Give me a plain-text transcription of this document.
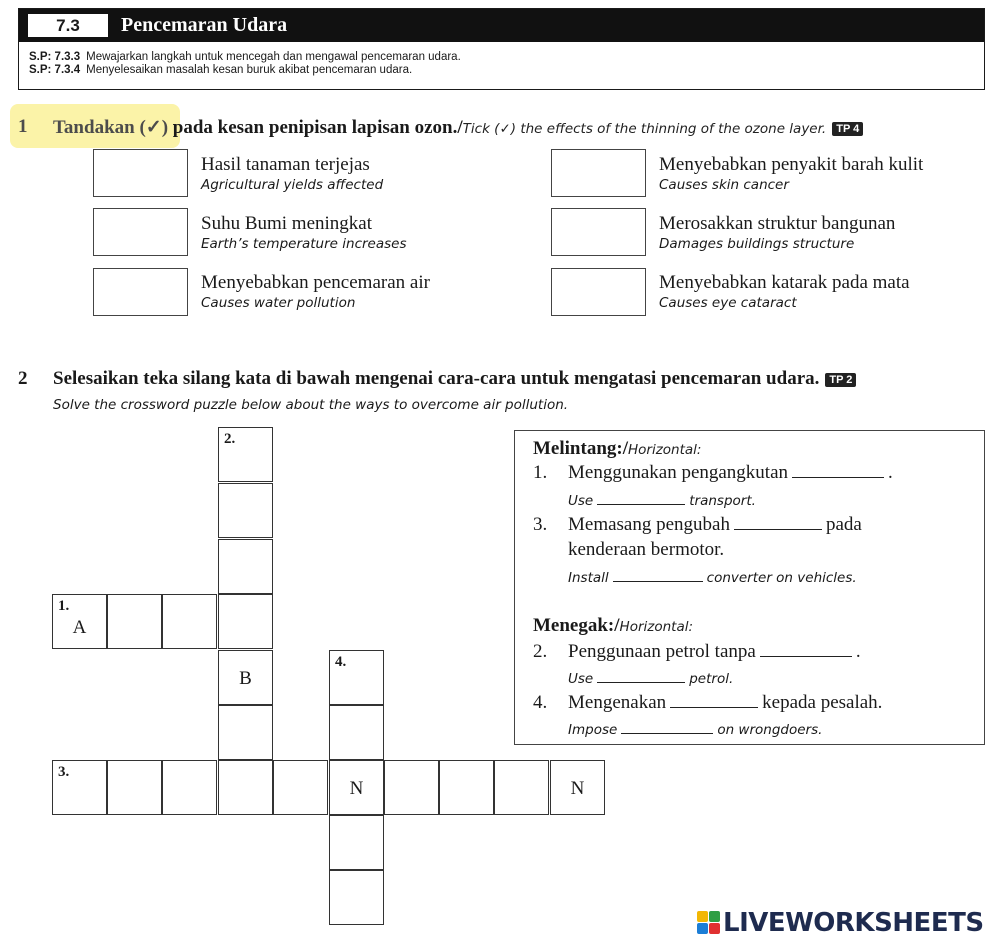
7.3	Pencemaran Udara
S.P: 7.3.3 Mewajarkan langkah untuk mencegah dan mengawal pencemaran udara.
S.P: 7.3.4 Menyelesaikan masalah kesan buruk akibat pencemaran udara.
1 Tandakan (✓) pada kesan penipisan lapisan ozon./Tick (✓) the effects of the thinning of the ozone layer. TP 4
Hasil tanaman terjejas
Agricultural yields affected
Menyebabkan penyakit barah kulit
Causes skin cancer
Suhu Bumi meningkat
Earth’s temperature increases
Merosakkan struktur bangunan
Damages buildings structure
Menyebabkan pencemaran air
Causes water pollution
Menyebabkan katarak pada mata
Causes eye cataract
2 Selesaikan teka silang kata di bawah mengenai cara-cara untuk mengatasi pencemaran udara. TP 2
Solve the crossword puzzle below about the ways to overcome air pollution.
2.
1.
A
B
4.
3.
N	N
Melintang:/Horizontal:
1. Menggunakan pengangkutan	.
Use	transport.
3. Memasang pengubah	pada
kenderaan bermotor.
Install	converter on vehicles.
Menegak:/Horizontal:
2. Penggunaan petrol tanpa	.
Use	petrol.
4. Mengenakan	kepada pesalah.
Impose	on wrongdoers.
LIVEWORKSHEETS
